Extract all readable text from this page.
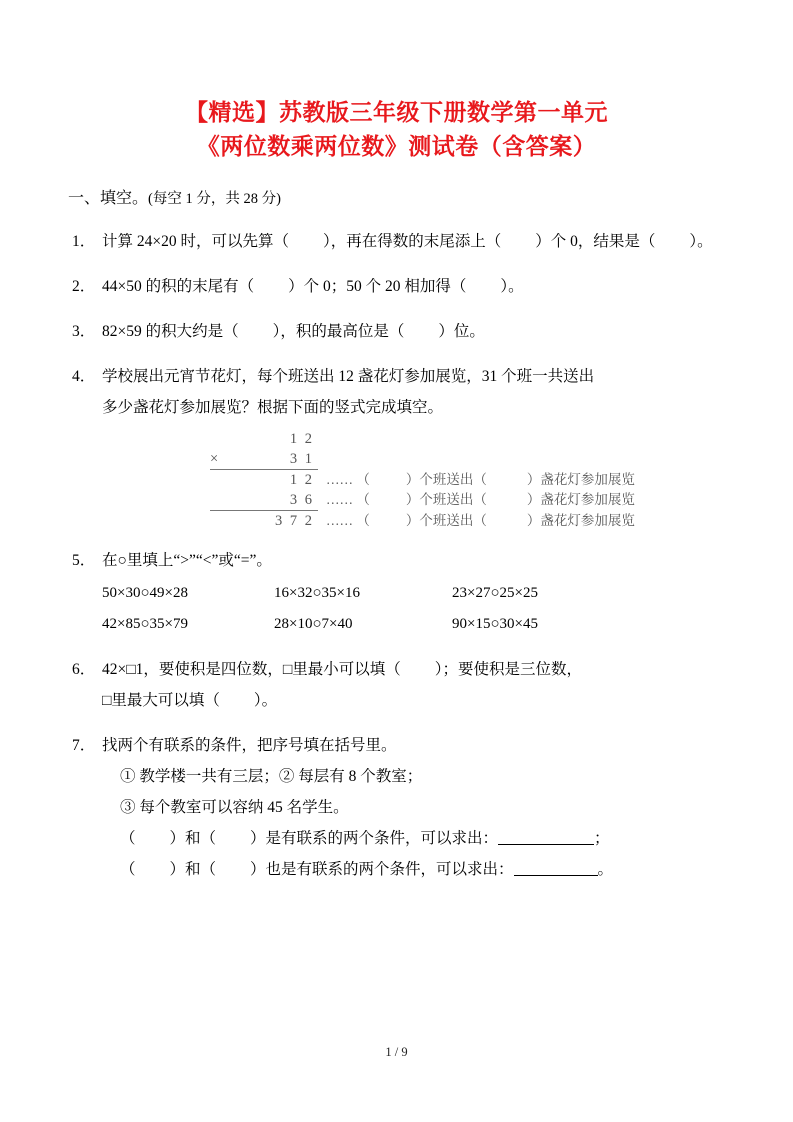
【精选】苏教版三年级下册数学第一单元
《两位数乘两位数》测试卷（含答案）
一、填空。(每空 1 分，共 28 分)
1． 计算 24×20 时，可以先算（ ），再在得数的末尾添上（ ）个 0，结果是（ ）。
2． 44×50 的积的末尾有（ ）个 0；50 个 20 相加得（ ）。
3． 82×59 的积大约是（ ），积的最高位是（ ）位。
4． 学校展出元宵节花灯，每个班送出 12 盏花灯参加展览，31 个班一共送出
多少盏花灯参加展览？根据下面的竖式完成填空。
	1 2	
×	3 1	
	1 2	…… （ ）个班送出（ ）盏花灯参加展览
	3 6	…… （ ）个班送出（ ）盏花灯参加展览
	3 7 2	…… （ ）个班送出（ ）盏花灯参加展览
5． 在○里填上“>”“<”或“=”。
50×30○49×28	16×32○35×16	23×27○25×25
42×85○35×79	28×10○7×40	90×15○30×45
6． 42×□1，要使积是四位数，□里最小可以填（ ）；要使积是三位数，
□里最大可以填（ ）。
7． 找两个有联系的条件，把序号填在括号里。
① 教学楼一共有三层；② 每层有 8 个教室；
③ 每个教室可以容纳 45 名学生。
（ ）和（ ）是有联系的两个条件，可以求出：	；
（ ）和（ ）也是有联系的两个条件，可以求出：	。
1 / 9
